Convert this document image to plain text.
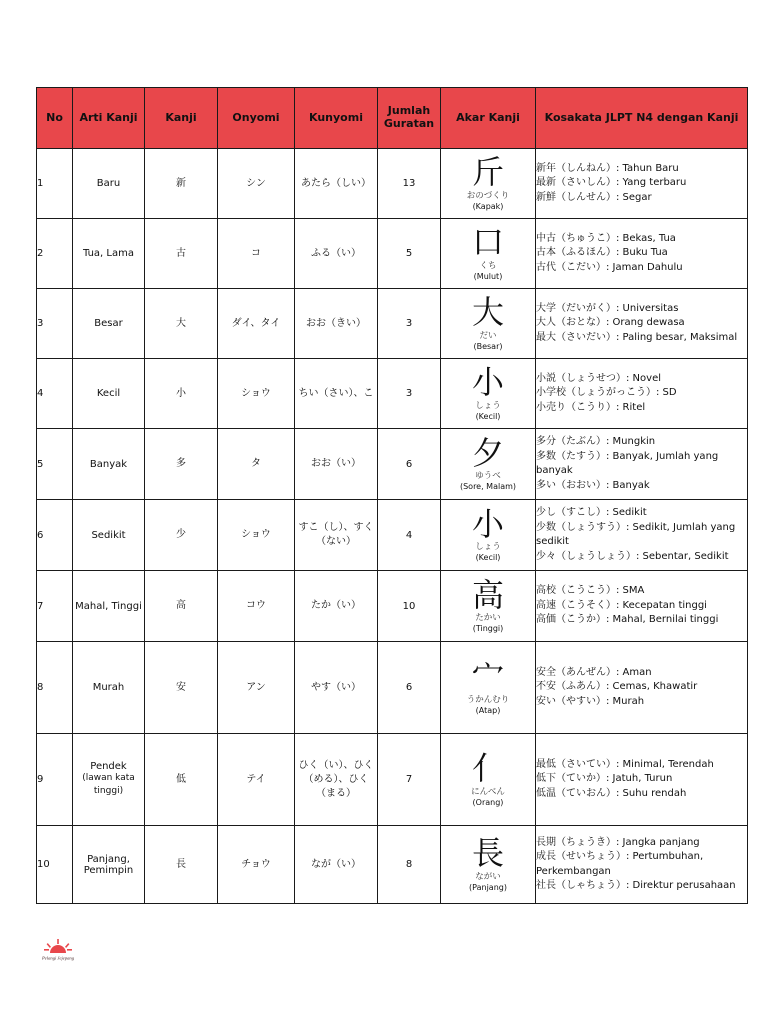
No	Arti Kanji	Kanji	Onyomi	Kunyomi	Jumlah
Guratan	Akar Kanji	Kosakata JLPT N4 dengan Kanji
1	Baru	新	シン	あたら（しい）	13	斤
おのづくり
(Kapak)	新年（しんねん）: Tahun Baru
最新（さいしん）: Yang terbaru
新鮮（しんせん）: Segar

2	Tua, Lama	古	コ	ふる（い）	5	口
くち
(Mulut)	中古（ちゅうこ）: Bekas, Tua
古本（ふるほん）: Buku Tua
古代（こだい）: Jaman Dahulu

3	Besar	大	ダイ、タイ	おお（きい）	3	大
だい
(Besar)	大学（だいがく）: Universitas
大人（おとな）: Orang dewasa
最大（さいだい）: Paling besar, Maksimal

4	Kecil	小	ショウ	ちい（さい）、こ	3	小
しょう
(Kecil)	小説（しょうせつ）: Novel
小学校（しょうがっこう）: SD
小売り（こうり）: Ritel

5	Banyak	多	タ	おお（い）	6	夕
ゆうべ
(Sore, Malam)	多分（たぶん）: Mungkin
多数（たすう）: Banyak, Jumlah yang banyak
多い（おおい）: Banyak

6	Sedikit	少	ショウ	すこ（し）、すく（ない）	4	小
しょう
(Kecil)	少し（すこし）: Sedikit
少数（しょうすう）: Sedikit, Jumlah yang sedikit
少々（しょうしょう）: Sebentar, Sedikit

7	Mahal, Tinggi	高	コウ	たか（い）	10	高
たかい
(Tinggi)	高校（こうこう）: SMA
高速（こうそく）: Kecepatan tinggi
高価（こうか）: Mahal, Bernilai tinggi

8	Murah	安	アン	やす（い）	6	宀
うかんむり
(Atap)	安全（あんぜん）: Aman
不安（ふあん）: Cemas, Khawatir
安い（やすい）: Murah

9	Pendek
(lawan kata tinggi)	低	テイ	ひく（い）、ひく（める）、ひく（まる）	7	亻
にんべん
(Orang)	最低（さいてい）: Minimal, Terendah
低下（ていか）: Jatuh, Turun
低温（ていおん）: Suhu rendah

10	Panjang, Pemimpin	長	チョウ	なが（い）	8	長
ながい
(Panjang)	長期（ちょうき）: Jangka panjang
成長（せいちょう）: Pertumbuhan, Perkembangan
社長（しゃちょう）: Direktur perusahaan
Pelangi Jejepang
